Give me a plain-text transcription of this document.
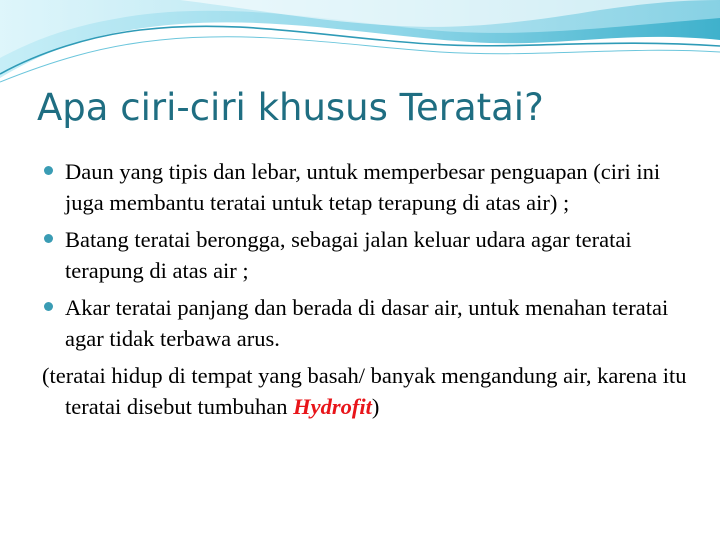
Apa ciri-ciri khusus Teratai?
Daun yang tipis dan lebar, untuk memperbesar penguapan (ciri ini juga membantu teratai untuk tetap terapung di atas air) ;
Batang teratai berongga, sebagai jalan keluar udara agar teratai terapung di atas air ;
Akar teratai panjang dan berada di dasar air, untuk menahan teratai agar tidak terbawa arus.
(teratai hidup di tempat yang basah/ banyak mengandung air, karena itu teratai disebut tumbuhan Hydrofit)
